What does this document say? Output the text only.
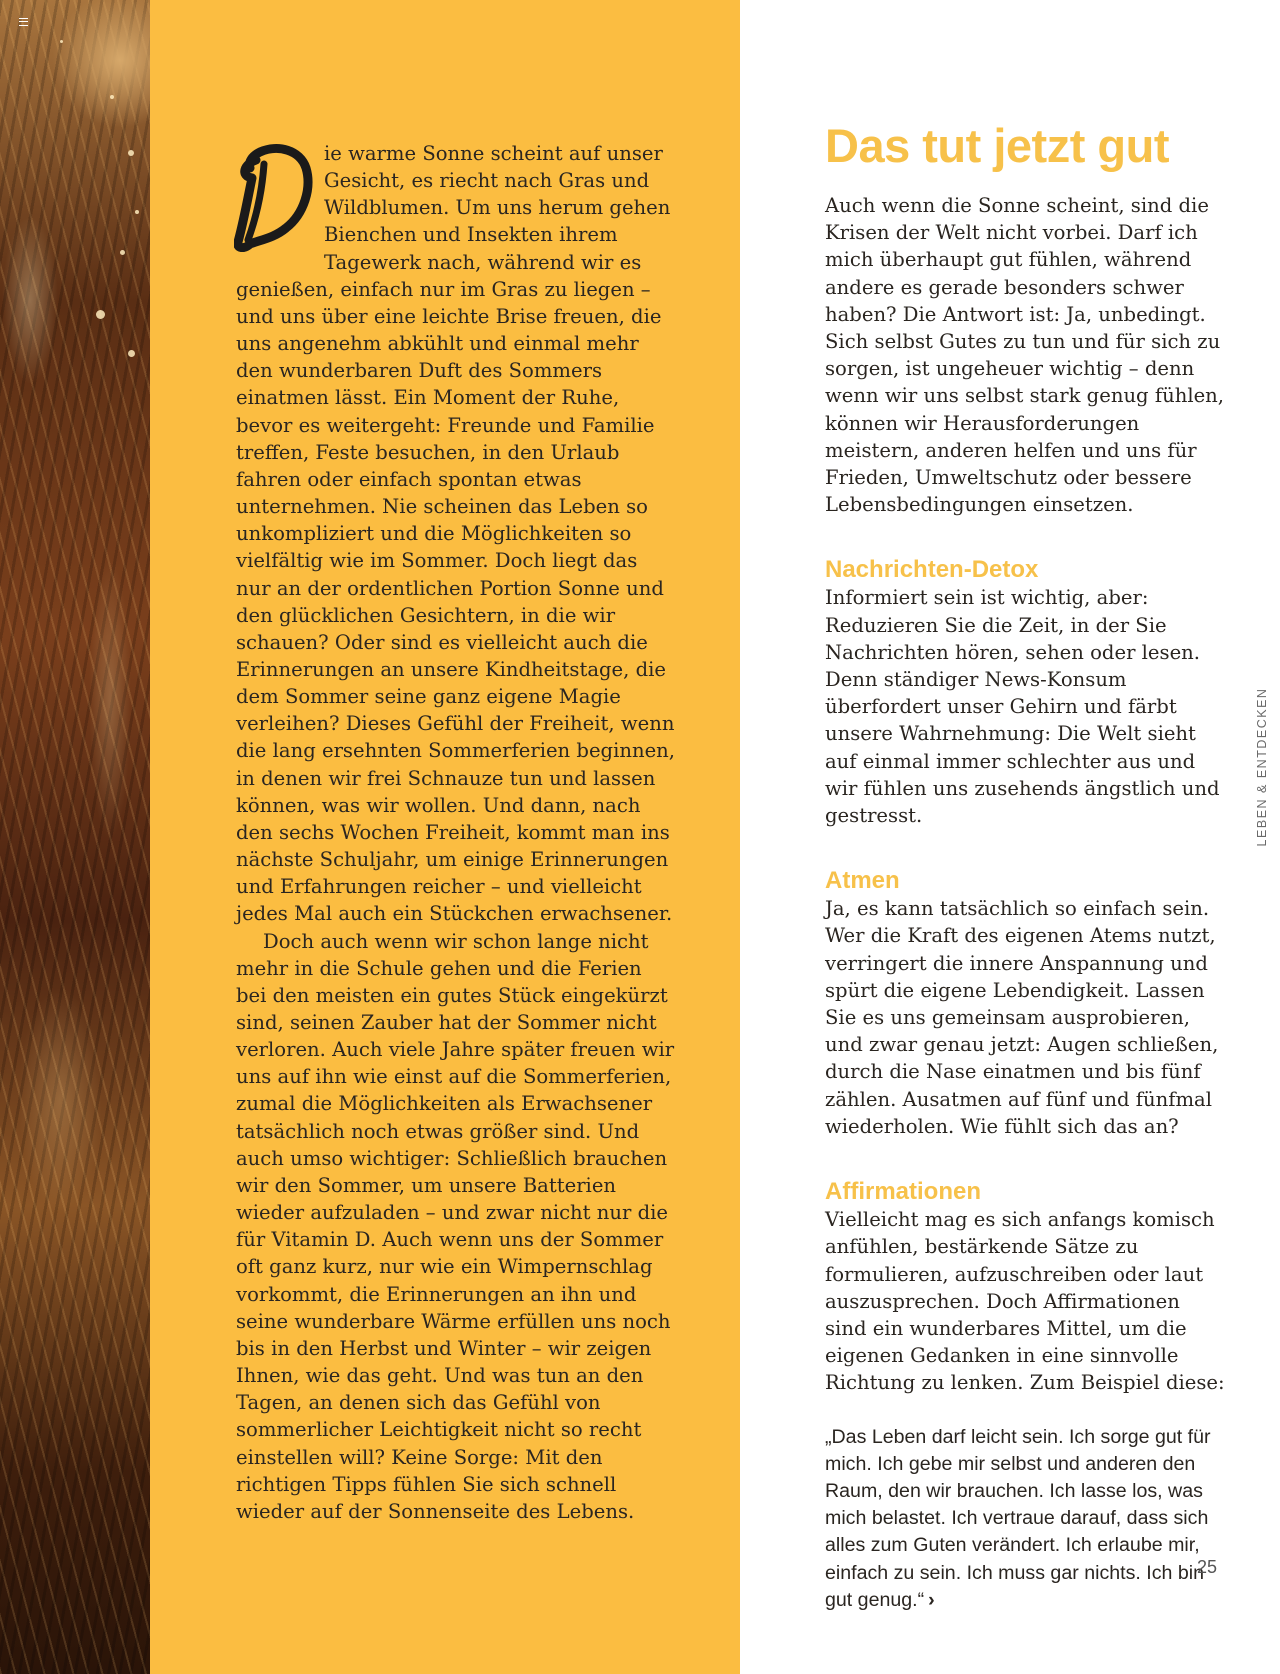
ie warme Sonne scheint auf unser Gesicht, es riecht nach Gras und Wildblumen. Um uns herum gehen Bienchen und Insekten ihrem Tagewerk nach, während wir es genießen, einfach nur im Gras zu liegen – und uns über eine leichte Brise freuen, die uns angenehm abkühlt und einmal mehr den wunderbaren Duft des Sommers einatmen lässt. Ein Moment der Ruhe, bevor es weitergeht: Freunde und Familie treffen, Feste besuchen, in den Urlaub fahren oder einfach spontan etwas unternehmen. Nie scheinen das Leben so unkompliziert und die Möglichkeiten so vielfältig wie im Sommer. Doch liegt das nur an der ordentlichen Portion Sonne und den glücklichen Gesichtern, in die wir schauen? Oder sind es vielleicht auch die Erinnerungen an unsere Kindheitstage, die dem Sommer seine ganz eigene Magie verleihen? Dieses Gefühl der Freiheit, wenn die lang ersehnten Sommerferien beginnen, in denen wir frei Schnauze tun und lassen können, was wir wollen. Und dann, nach den sechs Wochen Freiheit, kommt man ins nächste Schuljahr, um einige Erinnerungen und Erfahrungen reicher – und vielleicht jedes Mal auch ein Stückchen erwachsener.

Doch auch wenn wir schon lange nicht mehr in die Schule gehen und die Ferien bei den meisten ein gutes Stück eingekürzt sind, seinen Zauber hat der Sommer nicht verloren. Auch viele Jahre später freuen wir uns auf ihn wie einst auf die Sommerferien, zumal die Möglichkeiten als Erwachsener tatsächlich noch etwas größer sind. Und auch umso wichtiger: Schließlich brauchen wir den Sommer, um unsere Batterien wieder aufzuladen – und zwar nicht nur die für Vitamin D. Auch wenn uns der Sommer oft ganz kurz, nur wie ein Wimpernschlag vorkommt, die Erinnerungen an ihn und seine wunderbare Wärme erfüllen uns noch bis in den Herbst und Winter – wir zeigen Ihnen, wie das geht. Und was tun an den Tagen, an denen sich das Gefühl von sommerlicher Leichtigkeit nicht so recht einstellen will? Keine Sorge: Mit den richtigen Tipps fühlen Sie sich schnell wieder auf der Sonnenseite des Lebens.

Das tut jetzt gut

Auch wenn die Sonne scheint, sind die Krisen der Welt nicht vorbei. Darf ich mich überhaupt gut fühlen, während andere es gerade besonders schwer haben? Die Antwort ist: Ja, unbedingt. Sich selbst Gutes zu tun und für sich zu sorgen, ist ungeheuer wichtig – denn wenn wir uns selbst stark genug fühlen, können wir Herausforderungen meistern, anderen helfen und uns für Frieden, Umweltschutz oder bessere Lebensbedingungen einsetzen.

Nachrichten-Detox

Informiert sein ist wichtig, aber: Reduzieren Sie die Zeit, in der Sie Nachrichten hören, sehen oder lesen. Denn ständiger News-Konsum überfordert unser Gehirn und färbt unsere Wahrnehmung: Die Welt sieht auf einmal immer schlechter aus und wir fühlen uns zusehends ängstlich und gestresst.

Atmen

Ja, es kann tatsächlich so einfach sein. Wer die Kraft des eigenen Atems nutzt, verringert die innere Anspannung und spürt die eigene Lebendigkeit. Lassen Sie es uns gemeinsam ausprobieren, und zwar genau jetzt: Augen schließen, durch die Nase einatmen und bis fünf zählen. Ausatmen auf fünf und fünfmal wiederholen. Wie fühlt sich das an?

Affirmationen

Vielleicht mag es sich anfangs komisch anfühlen, bestärkende Sätze zu formulieren, aufzuschreiben oder laut auszusprechen. Doch Affirmationen sind ein wunderbares Mittel, um die eigenen Gedanken in eine sinnvolle Richtung zu lenken. Zum Beispiel diese:

„Das Leben darf leicht sein. Ich sorge gut für mich. Ich gebe mir selbst und anderen den Raum, den wir brauchen. Ich lasse los, was mich belastet. Ich vertraue darauf, dass sich alles zum Guten verändert. Ich erlaube mir, einfach zu sein. Ich muss gar nichts. Ich bin gut genug.“ ›

LEBEN & ENTDECKEN
25
